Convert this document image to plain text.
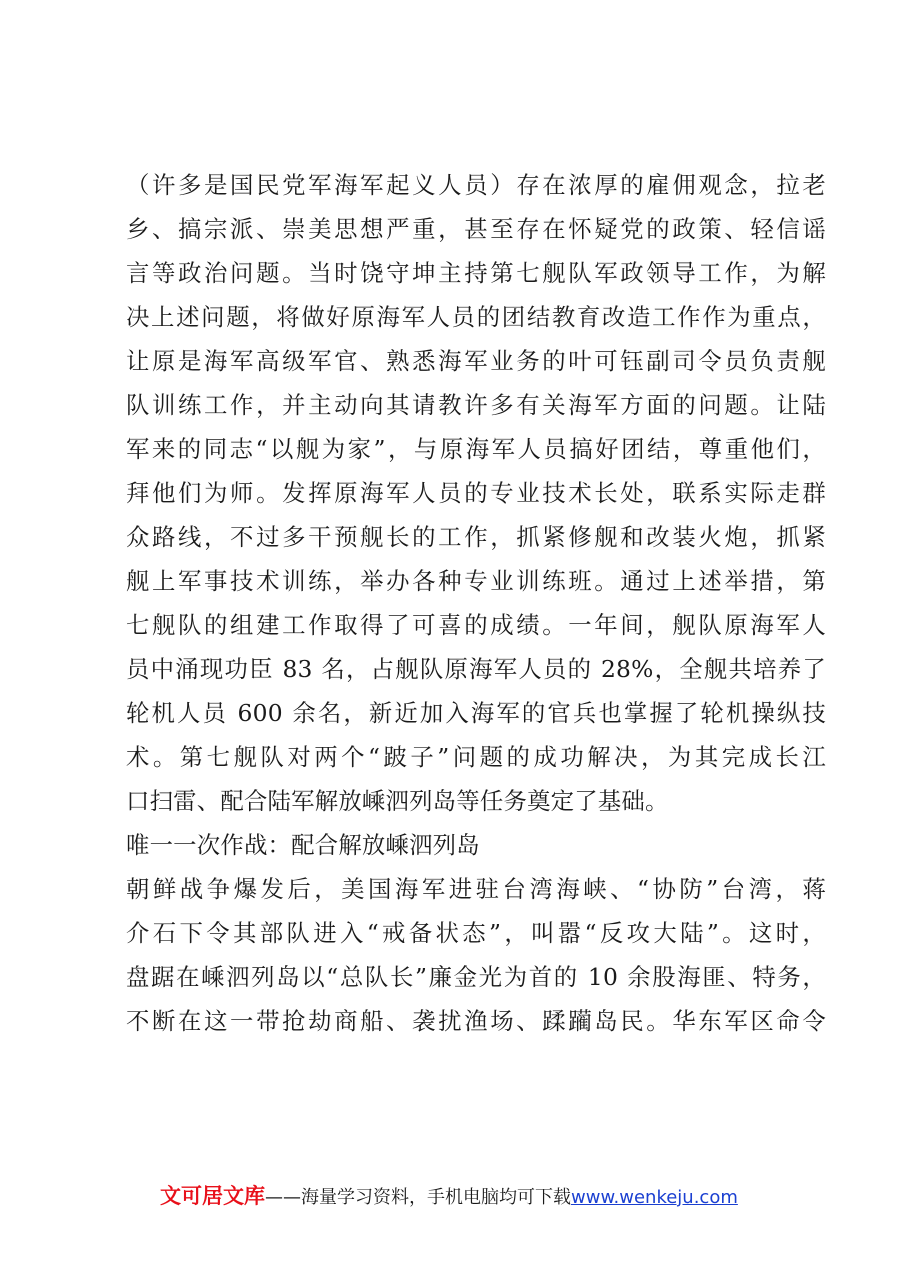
（许多是国民党军海军起义人员）存在浓厚的雇佣观念，拉老
乡、搞宗派、崇美思想严重，甚至存在怀疑党的政策、轻信谣
言等政治问题。当时饶守坤主持第七舰队军政领导工作，为解
决上述问题，将做好原海军人员的团结教育改造工作作为重点，
让原是海军高级军官、熟悉海军业务的叶可钰副司令员负责舰
队训练工作，并主动向其请教许多有关海军方面的问题。让陆
军来的同志“以舰为家”，与原海军人员搞好团结，尊重他们，
拜他们为师。发挥原海军人员的专业技术长处，联系实际走群
众路线，不过多干预舰长的工作，抓紧修舰和改装火炮，抓紧
舰上军事技术训练，举办各种专业训练班。通过上述举措，第
七舰队的组建工作取得了可喜的成绩。一年间，舰队原海军人
员中涌现功臣 83 名，占舰队原海军人员的 28%，全舰共培养了
轮机人员 600 余名，新近加入海军的官兵也掌握了轮机操纵技
术。第七舰队对两个“跛子”问题的成功解决，为其完成长江
口扫雷、配合陆军解放嵊泗列岛等任务奠定了基础。
唯一一次作战：配合解放嵊泗列岛
朝鲜战争爆发后，美国海军进驻台湾海峡、“协防”台湾，蒋
介石下令其部队进入“戒备状态”，叫嚣“反攻大陆”。这时，
盘踞在嵊泗列岛以“总队长”廉金光为首的 10 余股海匪、特务，
不断在这一带抢劫商船、袭扰渔场、蹂躏岛民。华东军区命令
文可居文库——海量学习资料，手机电脑均可下载www.wenkeju.com
